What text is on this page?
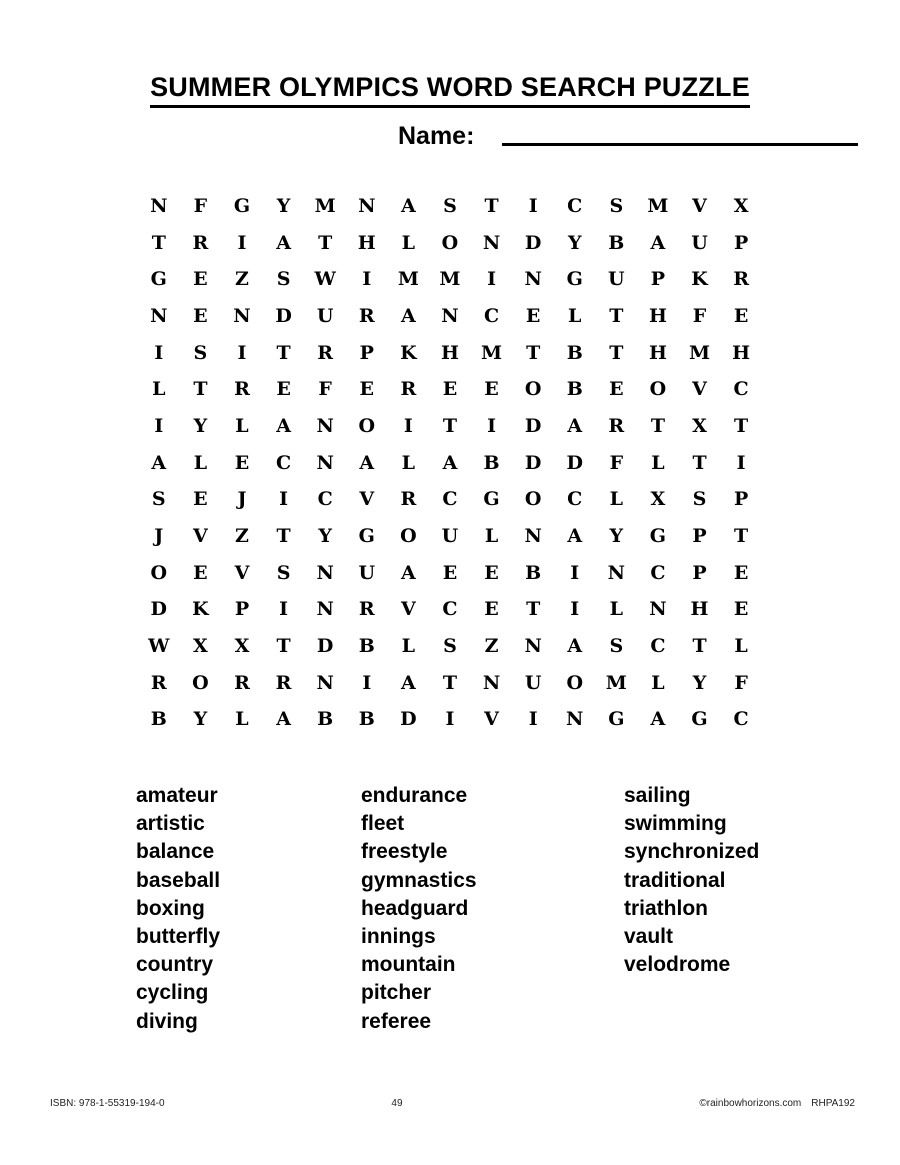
SUMMER OLYMPICS WORD SEARCH PUZZLE
Name:
N	F	G	Y	M	N	A	S	T	I	C	S	M	V	X
T	R	I	A	T	H	L	O	N	D	Y	B	A	U	P
G	E	Z	S	W	I	M	M	I	N	G	U	P	K	R
N	E	N	D	U	R	A	N	C	E	L	T	H	F	E
I	S	I	T	R	P	K	H	M	T	B	T	H	M	H
L	T	R	E	F	E	R	E	E	O	B	E	O	V	C
I	Y	L	A	N	O	I	T	I	D	A	R	T	X	T
A	L	E	C	N	A	L	A	B	D	D	F	L	T	I
S	E	J	I	C	V	R	C	G	O	C	L	X	S	P
J	V	Z	T	Y	G	O	U	L	N	A	Y	G	P	T
O	E	V	S	N	U	A	E	E	B	I	N	C	P	E
D	K	P	I	N	R	V	C	E	T	I	L	N	H	E
W	X	X	T	D	B	L	S	Z	N	A	S	C	T	L
R	O	R	R	N	I	A	T	N	U	O	M	L	Y	F
B	Y	L	A	B	B	D	I	V	I	N	G	A	G	C
amateur
artistic
balance
baseball
boxing
butterfly
country
cycling
diving
endurance
fleet
freestyle
gymnastics
headguard
innings
mountain
pitcher
referee
sailing
swimming
synchronized
traditional
triathlon
vault
velodrome
ISBN: 978-1-55319-194-0	49	©rainbowhorizons.com RHPA192
